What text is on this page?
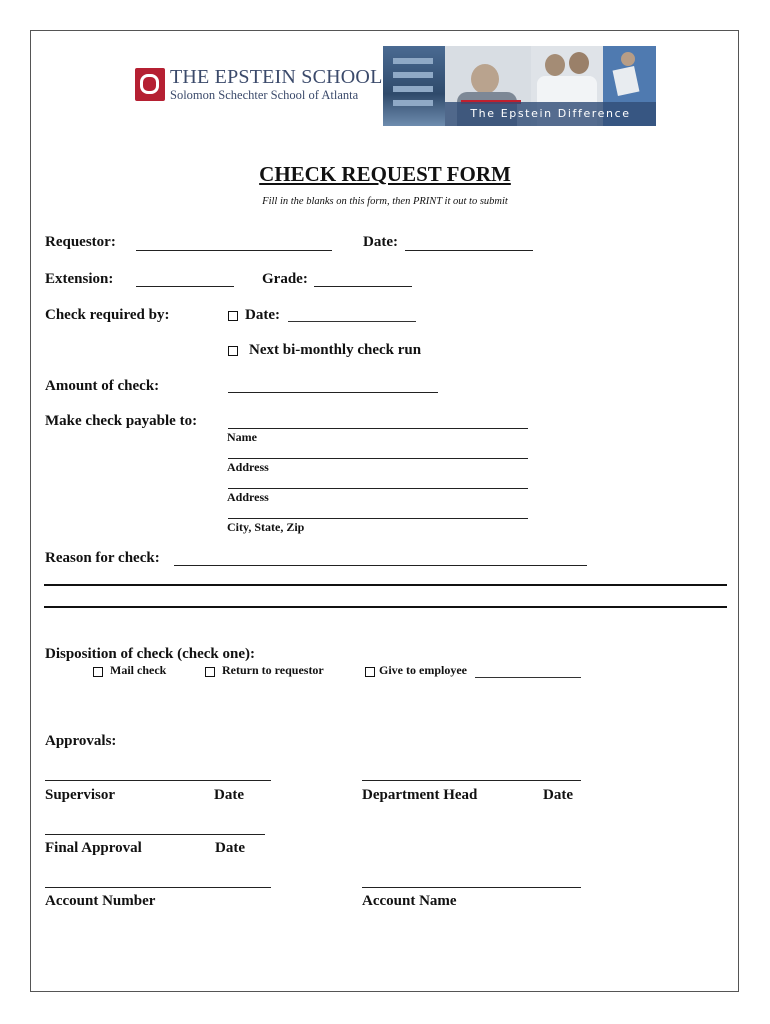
THE EPSTEIN SCHOOL
Solomon Schechter School of Atlanta
The Epstein Difference
CHECK REQUEST FORM
Fill in the blanks on this form, then PRINT it out to submit
Requestor:	Date:
Extension:	Grade:
Check required by:	Date:
Next bi-monthly check run
Amount of check:
Make check payable to:
Name
Address
Address
City, State, Zip
Reason for check:
Disposition of check (check one):
Mail check	Return to requestor	Give to employee
Approvals:
Supervisor	Date	Department Head	Date
Final Approval	Date
Account Number	Account Name
